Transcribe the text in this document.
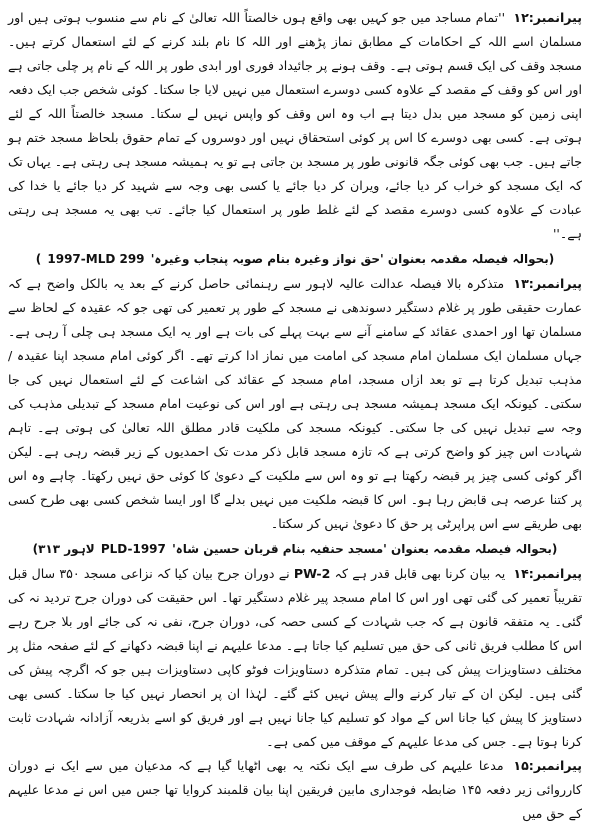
پیرانمبر:۱۲ ''تمام مساجد میں جو کہیں بھی واقع ہوں خالصتاً اللہ تعالیٰ کے نام سے منسوب ہوتی ہیں اور مسلمان اسے اللہ کے احکامات کے مطابق نماز پڑھنے اور اللہ کا نام بلند کرنے کے لئے استعمال کرتے ہیں۔ مسجد وقف کی ایک قسم ہوتی ہے۔ وقف ہونے پر جائیداد فوری اور ابدی طور پر اللہ کے نام پر چلی جاتی ہے اور اس کو وقف کے مقصد کے علاوہ کسی دوسرے استعمال میں نہیں لایا جا سکتا۔ کوئی شخص جب ایک دفعہ اپنی زمین کو مسجد میں بدل دیتا ہے اب وہ اس وقف کو واپس نہیں لے سکتا۔ مسجد خالصتاً اللہ کے لئے ہوتی ہے۔ کسی بھی دوسرے کا اس پر کوئی استحقاق نہیں اور دوسروں کے تمام حقوق بلحاظ مسجد ختم ہو جاتے ہیں۔ جب بھی کوئی جگہ قانونی طور پر مسجد بن جاتی ہے تو یہ ہمیشہ مسجد ہی رہتی ہے۔ یہاں تک کہ ایک مسجد کو خراب کر دیا جائے، ویران کر دیا جائے یا کسی بھی وجہ سے شہید کر دیا جائے یا خدا کی عبادت کے علاوہ کسی دوسرے مقصد کے لئے غلط طور پر استعمال کیا جائے۔ تب بھی یہ مسجد ہی رہتی ہے۔''

(بحوالہ فیصلہ مقدمہ بعنوان 'حق نواز وغیرہ بنام صوبہ پنجاب وغیرہ' 1997-MLD 299 )

پیرانمبر:۱۳ متذکرہ بالا فیصلہ عدالت عالیہ لاہور سے رہنمائی حاصل کرنے کے بعد یہ بالکل واضح ہے کہ عمارت حقیقی طور پر غلام دستگیر دسوندھی نے مسجد کے طور پر تعمیر کی تھی جو کہ عقیدہ کے لحاظ سے مسلمان تھا اور احمدی عقائد کے سامنے آنے سے بہت پہلے کی بات ہے اور یہ ایک مسجد ہی چلی آ رہی ہے۔ جہاں مسلمان ایک مسلمان امام مسجد کی امامت میں نماز ادا کرتے تھے۔ اگر کوئی امام مسجد اپنا عقیدہ / مذہب تبدیل کرتا ہے تو بعد ازاں مسجد، امام مسجد کے عقائد کی اشاعت کے لئے استعمال نہیں کی جا سکتی۔ کیونکہ ایک مسجد ہمیشہ مسجد ہی رہتی ہے اور اس کی نوعیت امام مسجد کے تبدیلی مذہب کی وجہ سے تبدیل نہیں کی جا سکتی۔ کیونکہ مسجد کی ملکیت قادر مطلق اللہ تعالیٰ کی ہوتی ہے۔ تاہم شہادت اس چیز کو واضح کرتی ہے کہ تازہ مسجد قابل ذکر مدت تک احمدیوں کے زیر قبضہ رہی ہے۔ لیکن اگر کوئی کسی چیز پر قبضہ رکھتا ہے تو وہ اس سے ملکیت کے دعویٰ کا کوئی حق نہیں رکھتا۔ چاہے وہ اس پر کتنا عرصہ ہی قابض رہا ہو۔ اس کا قبضہ ملکیت میں نہیں بدلے گا اور ایسا شخص کسی بھی طرح کسی بھی طریقے سے اس پراپرٹی پر حق کا دعویٰ نہیں کر سکتا۔

(بحوالہ فیصلہ مقدمہ بعنوان 'مسجد حنفیہ بنام قربان حسین شاہ' PLD-1997 لاہور ۳۱۳)

پیرانمبر:۱۴ یہ بیان کرنا بھی قابل قدر ہے کہ PW-2 نے دوران جرح بیان کیا کہ نزاعی مسجد ۳۵۰ سال قبل تقریباً تعمیر کی گئی تھی اور اس کا امام مسجد پیر غلام دستگیر تھا۔ اس حقیقت کی دوران جرح تردید نہ کی گئی۔ یہ متفقہ قانون ہے کہ جب شہادت کے کسی حصہ کی، دوران جرح، نفی نہ کی جائے اور بلا جرح رہے اس کا مطلب فریق ثانی کی حق میں تسلیم کیا جاتا ہے۔ مدعا علیہم نے اپنا قبضہ دکھانے کے لئے صفحہ مثل پر مختلف دستاویزات پیش کی ہیں۔ تمام متذکرہ دستاویزات فوٹو کاپی دستاویزات ہیں جو کہ اگرچہ پیش کی گئی ہیں۔ لیکن ان کے تیار کرنے والے پیش نہیں کئے گئے۔ لہٰذا ان پر انحصار نہیں کیا جا سکتا۔ کسی بھی دستاویز کا پیش کیا جانا اس کے مواد کو تسلیم کیا جانا نہیں ہے اور فریق کو اسے بذریعہ آزادانہ شہادت ثابت کرنا ہوتا ہے۔ جس کی مدعا علیہم کے موقف میں کمی ہے۔

پیرانمبر:۱۵ مدعا علیہم کی طرف سے ایک نکتہ یہ بھی اٹھایا گیا ہے کہ مدعیان میں سے ایک نے دوران کارروائی زیر دفعہ ۱۴۵ ضابطہ فوجداری مابین فریقین اپنا بیان قلمبند کروایا تھا جس میں اس نے مدعا علیہم کے حق میں
